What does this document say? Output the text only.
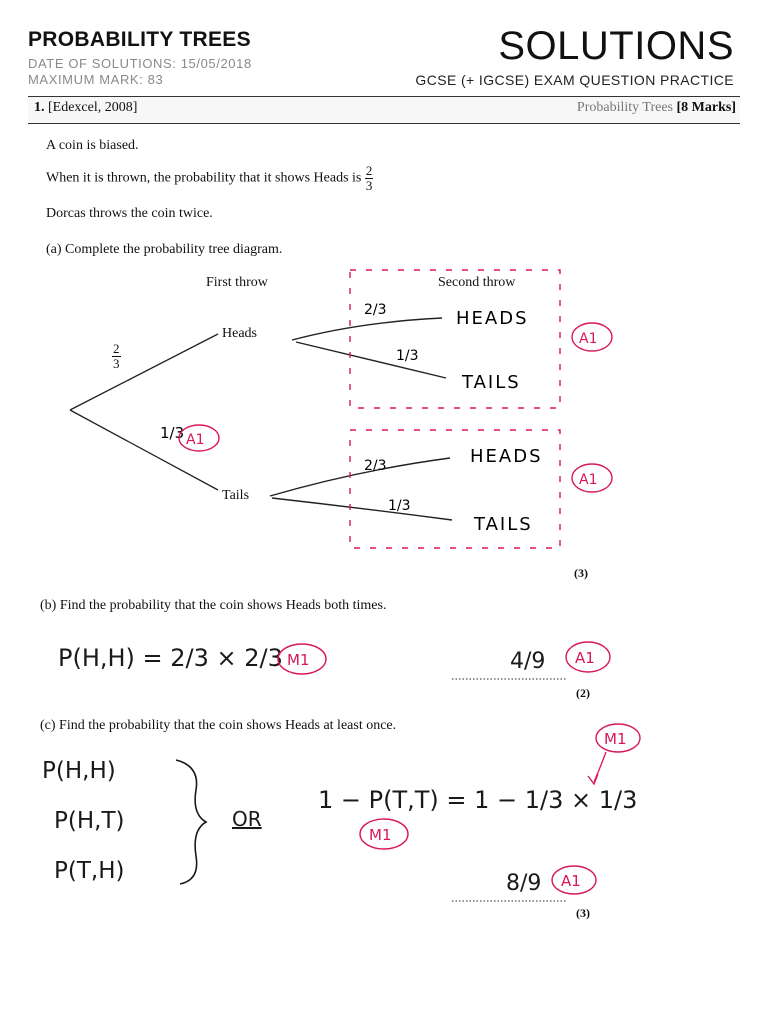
PROBABILITY TREES
DATE OF SOLUTIONS: 15/05/2018
MAXIMUM MARK: 83
SOLUTIONS
GCSE (+ IGCSE) EXAM QUESTION PRACTICE
1. [Edexcel, 2008]	Probability Trees [8 Marks]
A coin is biased.
When it is thrown, the probability that it shows Heads is $\frac{2}{3}$
Dorcas throws the coin twice.
(a) Complete the probability tree diagram.
First throw	Second throw
Heads
Tails
$\frac{2}{3}$
(3)
1/3
2/3
1/3
2/3
1/3
HEADS
TAILS
HEADS
TAILS
A1
A1
A1
P(H,H) = 2/3 × 2/3 M1	4/9 A1
P(H,H)
P(H,T)
P(T,H)
OR
1 − P(T,T) = 1 − 1/3 × 1/3
M1
M1
8/9 A1
(b) Find the probability that the coin shows Heads both times.
(2)
(c) Find the probability that the coin shows Heads at least once.
(3)
